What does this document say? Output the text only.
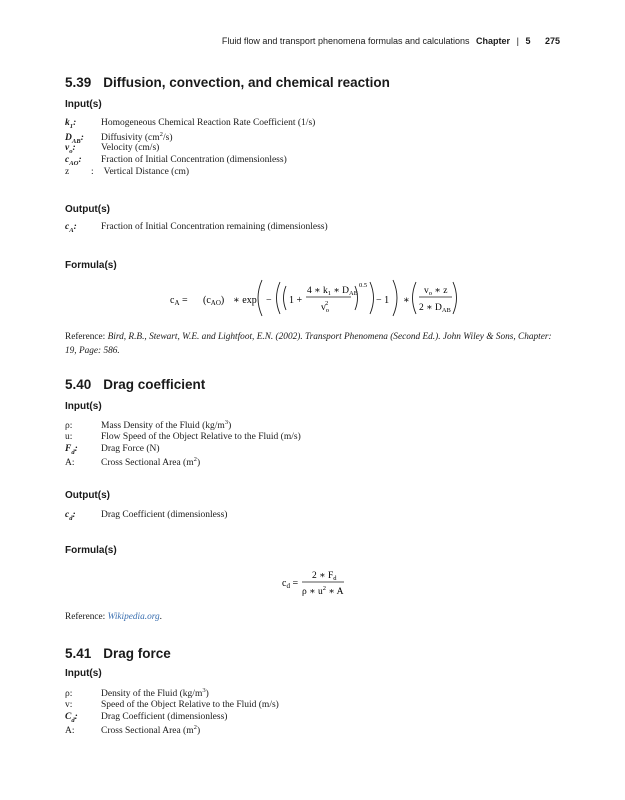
Fluid flow and transport phenomena formulas and calculations Chapter | 5 275
5.39 Diffusion, convection, and chemical reaction
Input(s)
$k_1$:	Homogeneous Chemical Reaction Rate Coefficient (1/s)
$D_{AB}$: Diffusivity $(cm^2/s)$
$v_o$:	Velocity (cm/s)
$c_{AO}$: Fraction of Initial Concentration (dimensionless)
z : Vertical Distance (cm)
Output(s)
$c_A$:	Fraction of Initial Concentration remaining (dimensionless)
Formula(s)
$c_A = (c_{AO})$ ∗ exp − 1 +
4 ∗ $k_1$ ∗ $D_{AB}$
$v_o2$
0.5
− 1 ∗
$v_o$ ∗ z
2 ∗ $D_{AB}$
Reference: Bird, R.B., Stewart, W.E. and Lightfoot, E.N. (2002). Transport Phenomena (Second Ed.). John Wiley & Sons, Chapter: 19, Page: 586.
5.40 Drag coefficient
Input(s)
ρ:	Mass Density of the Fluid $(kg/m^3)$
u:	Flow Speed of the Object Relative to the Fluid (m/s)
$F_d$: Drag Force (N)
A:	Cross Sectional Area $(m^2)$
Output(s)
$c_d$:	Drag Coefficient (dimensionless)
Formula(s)
$c_d$ =
2 ∗ $F_d$
ρ ∗ $u^2$ ∗ A
Reference: Wikipedia.org.
5.41 Drag force
Input(s)
ρ:	Density of the Fluid $(kg/m^3)$
v:	Speed of the Object Relative to the Fluid (m/s)
$C_d$: Drag Coefficient (dimensionless)
A:	Cross Sectional Area $(m^2)$
